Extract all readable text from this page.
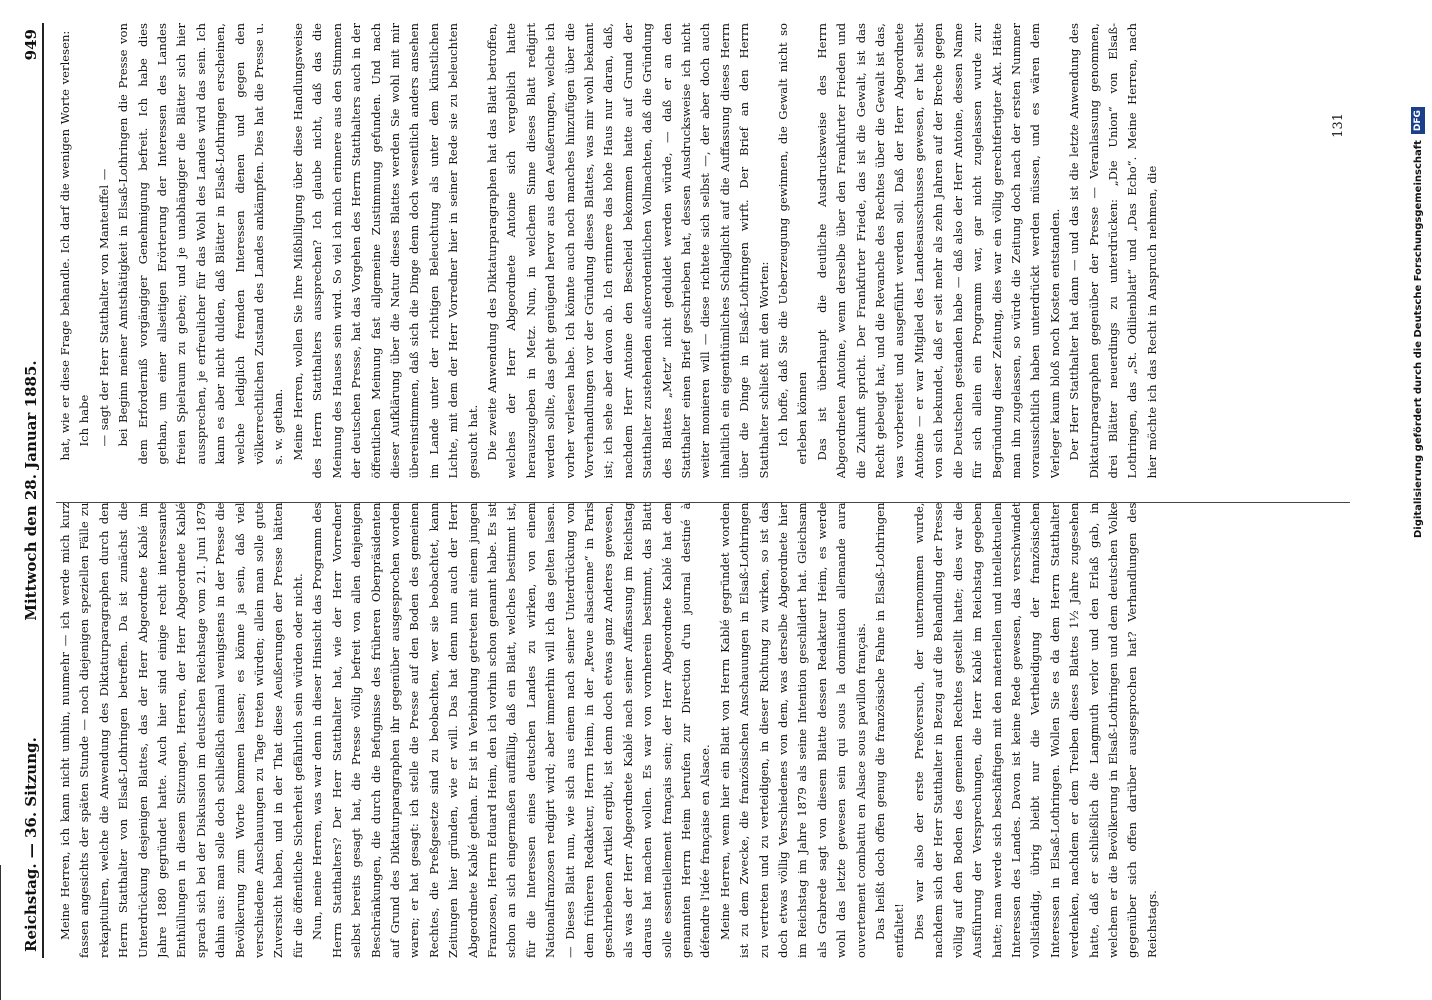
Reichstag. — 36. Sitzung.
Mittwoch den 28. Januar 1885.
949

Meine Herren, ich kann nicht umhin, nunmehr — ich werde mich kurz fassen angesichts der späten Stunde — noch diejenigen speziellen Fälle zu rekapituliren, welche die Anwendung des Diktaturparagraphen durch den Herrn Statthalter von Elsaß-Lothringen betreffen. Da ist zunächst die Unterdrückung desjenigen Blattes, das der Herr Abgeordnete Kablé im Jahre 1880 gegründet hatte. Auch hier sind einige recht interessante Enthüllungen in diesem Sitzungen, Herren, der Herr Abgeordnete Kablé sprach sich bei der Diskussion im deutschen Reichstage vom 21. Juni 1879 dahin aus: man solle doch schließlich einmal wenigstens in der Presse die Bevölkerung zum Worte kommen lassen; es könne ja sein, daß viel verschiedene Anschauungen zu Tage treten würden; allein man solle gute Zuversicht haben, und in der That diese Aeußerungen der Presse hätten für die öffentliche Sicherheit gefährlich sein würden oder nicht. Nun, meine Herren, was war denn in dieser Hinsicht das Programm des Herrn Statthalters? Der Herr Statthalter hat, wie der Herr Vorredner selbst bereits gesagt hat, die Presse völlig befreit von allen denjenigen Beschränkungen, die durch die Befugnisse des früheren Oberpräsidenten auf Grund des Diktaturparagraphen ihr gegenüber ausgesprochen worden waren; er hat gesagt: ich stelle die Presse auf den Boden des gemeinen Rechtes, die Preßgesetze sind zu beobachten, wer sie beobachtet, kann Zeitungen hier gründen, wie er will. Das hat denn nun auch der Herr Abgeordnete Kablé gethan. Er ist in Verbindung getreten mit einem jungen Franzosen, Herrn Eduard Heim, den ich vorhin schon genannt habe. Es ist schon an sich eingermaßen auffällig, daß ein Blatt, welches bestimmt ist, für die Interessen eines deutschen Landes zu wirken, von einem Nationalfranzosen redigirt wird; aber immerhin will ich das gelten lassen. — Dieses Blatt nun, wie sich aus einem nach seiner Unterdrückung von dem früheren Redakteur, Herrn Heim, in der „Revue alsacienne“ in Paris geschriebenen Artikel ergibt, ist denn doch etwas ganz Anderes gewesen, als was der Herr Abgeordnete Kablé nach seiner Auffassung im Reichstag daraus hat machen wollen. Es war von vornherein bestimmt, das Blatt solle essentiellement français sein; der Herr Abgeordnete Kablé hat den genannten Herrn Heim berufen zur Direction d'un journal destiné à défendre l'idée française en Alsace. Meine Herren, wenn hier ein Blatt von Herrn Kablé gegründet worden ist zu dem Zwecke, die französischen Anschauungen in Elsaß-Lothringen zu vertreten und zu verteidigen, in dieser Richtung zu wirken, so ist das doch etwas völlig Verschiedenes von dem, was derselbe Abgeordnete hier im Reichstag im Jahre 1879 als seine Intention geschildert hat. Gleichsam als Grabrede sagt von diesem Blatte dessen Redakteur Heim, es werde wohl das letzte gewesen sein qui sous la domination allemande aura ouvertement combattu en Alsace sous pavillon français. Das heißt doch offen genug die französische Fahne in Elsaß-Lothringen entfaltet! Dies war also der erste Preßversuch, der unternommen wurde, nachdem sich der Herr Statthalter in Bezug auf die Behandlung der Presse völlig auf den Boden des gemeinen Rechtes gestellt hatte; dies war die Ausführung der Versprechungen, die Herr Kablé im Reichstag gegeben hatte; man werde sich beschäftigen mit den materiellen und intellektuellen Interessen des Landes. Davon ist keine Rede gewesen, das verschwindet vollständig, übrig bleibt nur die Vertheidigung der französischen Interessen in Elsaß-Lothringen. Wollen Sie es da dem Herrn Statthalter verdenken, nachdem er dem Treiben dieses Blattes 1½ Jahre zugesehen hatte, daß er schließlich die Langmuth verlor und den Erlaß gab, in welchem er die Bevölkerung in Elsaß-Lothringen und dem deutschen Volke gegenüber sich offen darüber ausgesprochen hat? Verhandlungen des Reichstags.

hat, wie er diese Frage behandle. Ich darf die wenigen Worte verlesen: Ich habe — sagt der Herr Statthalter von Manteuffel — bei Beginn meiner Amtsthätigkeit in Elsaß-Lothringen die Presse von dem Erforderniß vorgängiger Genehmigung befreit. Ich habe dies gethan, um einer allseitigen Erörterung der Interessen des Landes freien Spielraum zu geben; und je unabhängiger die Blätter sich hier aussprechen, je erfreulicher für das Wohl des Landes wird das sein. Ich kann es aber nicht dulden, daß Blätter in Elsaß-Lothringen erscheinen, welche lediglich fremden Interessen dienen und gegen den völkerrechtlichen Zustand des Landes ankämpfen. Dies hat die Presse u. s. w. gethan. Meine Herren, wollen Sie Ihre Mißbilligung über diese Handlungsweise des Herrn Statthalters aussprechen? Ich glaube nicht, daß das die Meinung des Hauses sein wird. So viel ich mich erinnere aus den Stimmen der deutschen Presse, hat das Vorgehen des Herrn Statthalters auch in der öffentlichen Meinung fast allgemeine Zustimmung gefunden. Und nach dieser Aufklärung über die Natur dieses Blattes werden Sie wohl mit mir übereinstimmen, daß sich die Dinge denn doch wesentlich anders ansehen im Lande unter der richtigen Beleuchtung als unter dem künstlichen Lichte, mit dem der Herr Vorredner hier in seiner Rede sie zu beleuchten gesucht hat. Die zweite Anwendung des Diktaturparagraphen hat das Blatt betroffen, welches der Herr Abgeordnete Antoine sich vergeblich hatte herauszugeben in Metz. Nun, in welchem Sinne dieses Blatt redigirt werden sollte, das geht genügend hervor aus den Aeußerungen, welche ich vorher verlesen habe. Ich könnte auch noch manches hinzufügen über die Vorverhandlungen vor der Gründung dieses Blattes, was mir wohl bekannt ist; ich sehe aber davon ab. Ich erinnere das hohe Haus nur daran, daß, nachdem Herr Antoine den Bescheid bekommen hatte auf Grund der Statthalter zustehenden außerordentlichen Vollmachten, daß die Gründung des Blattes „Metz“ nicht geduldet werden würde, — daß er an den Statthalter einen Brief geschrieben hat, dessen Ausdrucksweise ich nicht weiter monieren will — diese richtete sich selbst —, der aber doch auch inhaltlich ein eigenthümliches Schlaglicht auf die Auffassung dieses Herrn über die Dinge in Elsaß-Lothringen wirft. Der Brief an den Herrn Statthalter schließt mit den Worten: Ich hoffe, daß Sie die Ueberzeugung gewinnen, die Gewalt nicht so erleben können Das ist überhaupt die deutliche Ausdrucksweise des Herrn Abgeordneten Antoine, wenn derselbe über den Frankfurter Frieden und die Zukunft spricht. Der Frankfurter Friede, das ist die Gewalt, ist das Recht gebeugt hat, und die Revanche des Rechtes über die Gewalt ist das, was vorbereitet und ausgeführt werden soll. Daß der Herr Abgeordnete Antoine — er war Mitglied des Landesausschusses gewesen, er hat selbst von sich bekundet, daß er seit mehr als zehn Jahren auf der Breche gegen die Deutschen gestanden habe — daß also der Herr Antoine, dessen Name für sich allein ein Programm war, gar nicht zugelassen wurde zur Begründung dieser Zeitung, dies war ein völlig gerechtfertigter Akt. Hätte man ihn zugelassen, so würde die Zeitung doch nach der ersten Nummer voraussichtlich haben unterdrückt werden müssen, und es wären dem Verleger kaum bloß noch Kosten entstanden. Der Herr Statthalter hat dann — und das ist die letzte Anwendung des Diktaturparagraphen gegenüber der Presse — Veranlassung genommen, drei Blätter neuerdings zu unterdrücken: „Die Union“ von Elsaß-Lothringen, das „St. Odilienblatt“ und „Das Echo“. Meine Herren, nach hier möchte ich das Recht in Anspruch nehmen, die

131
Digitalisierung gefördert durch die Deutsche Forschungsgemeinschaft
DFG
